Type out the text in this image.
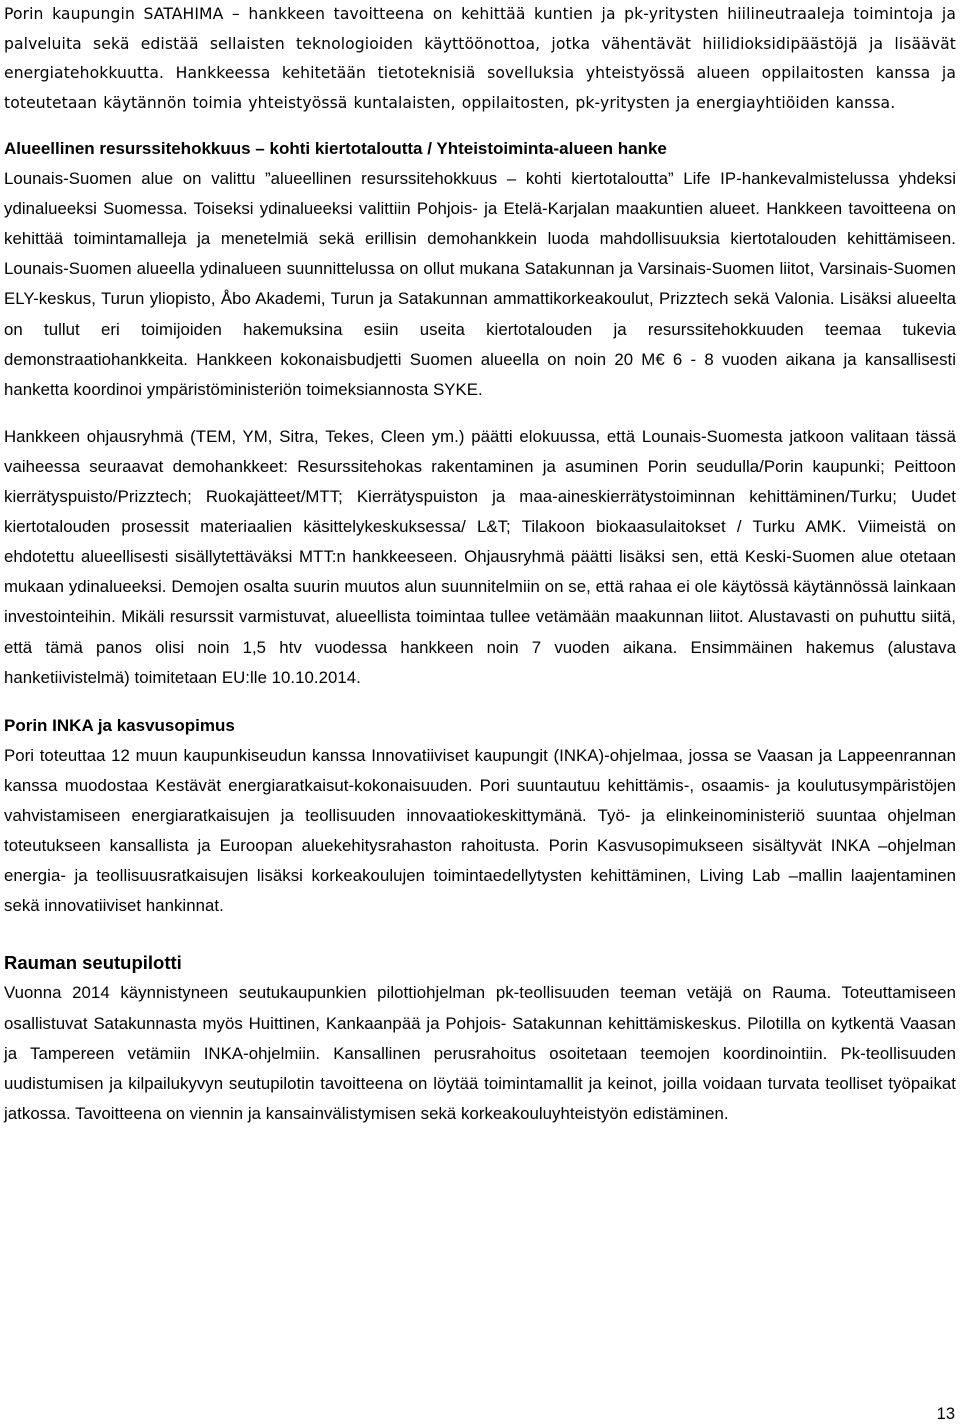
Porin kaupungin SATAHIMA – hankkeen tavoitteena on kehittää kuntien ja pk-yritysten hiilineutraaleja toimintoja ja palveluita sekä edistää sellaisten teknologioiden käyttöönottoa, jotka vähentävät hiilidioksidipäästöjä ja lisäävät energiatehokkuutta. Hankkeessa kehitetään tietoteknisiä sovelluksia yhteistyössä alueen oppilaitosten kanssa ja toteutetaan käytännön toimia yhteistyössä kuntalaisten, oppilaitosten, pk-yritysten ja energiayhtiöiden kanssa.

Alueellinen resurssitehokkuus – kohti kiertotaloutta / Yhteistoiminta-alueen hanke

Lounais-Suomen alue on valittu ”alueellinen resurssitehokkuus – kohti kiertotaloutta” Life IP-hankevalmistelussa yhdeksi ydinalueeksi Suomessa. Toiseksi ydinalueeksi valittiin Pohjois- ja Etelä-Karjalan maakuntien alueet. Hankkeen tavoitteena on kehittää toimintamalleja ja menetelmiä sekä erillisin demohankkein luoda mahdollisuuksia kiertotalouden kehittämiseen. Lounais-Suomen alueella ydinalueen suunnittelussa on ollut mukana Satakunnan ja Varsinais-Suomen liitot, Varsinais-Suomen ELY-keskus, Turun yliopisto, Åbo Akademi, Turun ja Satakunnan ammattikorkeakoulut, Prizztech sekä Valonia. Lisäksi alueelta on tullut eri toimijoiden hakemuksina esiin useita kiertotalouden ja resurssitehokkuuden teemaa tukevia demonstraatiohankkeita. Hankkeen kokonaisbudjetti Suomen alueella on noin 20 M€ 6 - 8 vuoden aikana ja kansallisesti hanketta koordinoi ympäristöministeriön toimeksiannosta SYKE.

Hankkeen ohjausryhmä (TEM, YM, Sitra, Tekes, Cleen ym.) päätti elokuussa, että Lounais-Suomesta jatkoon valitaan tässä vaiheessa seuraavat demohankkeet: Resurssitehokas rakentaminen ja asuminen Porin seudulla/Porin kaupunki; Peittoon kierrätyspuisto/Prizztech; Ruokajätteet/MTT; Kierrätyspuiston ja maa-aineskierrätystoiminnan kehittäminen/Turku; Uudet kiertotalouden prosessit materiaalien käsittelykeskuksessa/ L&T; Tilakoon biokaasulaitokset / Turku AMK. Viimeistä on ehdotettu alueellisesti sisällytettäväksi MTT:n hankkeeseen. Ohjausryhmä päätti lisäksi sen, että Keski-Suomen alue otetaan mukaan ydinalueeksi. Demojen osalta suurin muutos alun suunnitelmiin on se, että rahaa ei ole käytössä käytännössä lainkaan investointeihin. Mikäli resurssit varmistuvat, alueellista toimintaa tullee vetämään maakunnan liitot. Alustavasti on puhuttu siitä, että tämä panos olisi noin 1,5 htv vuodessa hankkeen noin 7 vuoden aikana. Ensimmäinen hakemus (alustava hanketiivistelmä) toimitetaan EU:lle 10.10.2014.

Porin INKA ja kasvusopimus

Pori toteuttaa 12 muun kaupunkiseudun kanssa Innovatiiviset kaupungit (INKA)-ohjelmaa, jossa se Vaasan ja Lappeenrannan kanssa muodostaa Kestävät energiaratkaisut-kokonaisuuden. Pori suuntautuu kehittämis-, osaamis- ja koulutusympäristöjen vahvistamiseen energiaratkaisujen ja teollisuuden innovaatiokeskittymänä. Työ- ja elinkeinoministeriö suuntaa ohjelman toteutukseen kansallista ja Euroopan aluekehitysrahaston rahoitusta. Porin Kasvusopimukseen sisältyvät INKA –ohjelman energia- ja teollisuusratkaisujen lisäksi korkeakoulujen toimintaedellytysten kehittäminen, Living Lab –mallin laajentaminen sekä innovatiiviset hankinnat.

Rauman seutupilotti

Vuonna 2014 käynnistyneen seutukaupunkien pilottiohjelman pk-teollisuuden teeman vetäjä on Rauma. Toteuttamiseen osallistuvat Satakunnasta myös Huittinen, Kankaanpää ja Pohjois- Satakunnan kehittämiskeskus. Pilotilla on kytkentä Vaasan ja Tampereen vetämiin INKA-ohjelmiin. Kansallinen perusrahoitus osoitetaan teemojen koordinointiin. Pk-teollisuuden uudistumisen ja kilpailukyvyn seutupilotin tavoitteena on löytää toimintamallit ja keinot, joilla voidaan turvata teolliset työpaikat jatkossa. Tavoitteena on viennin ja kansainvälistymisen sekä korkeakouluyhteistyön edistäminen.

13
